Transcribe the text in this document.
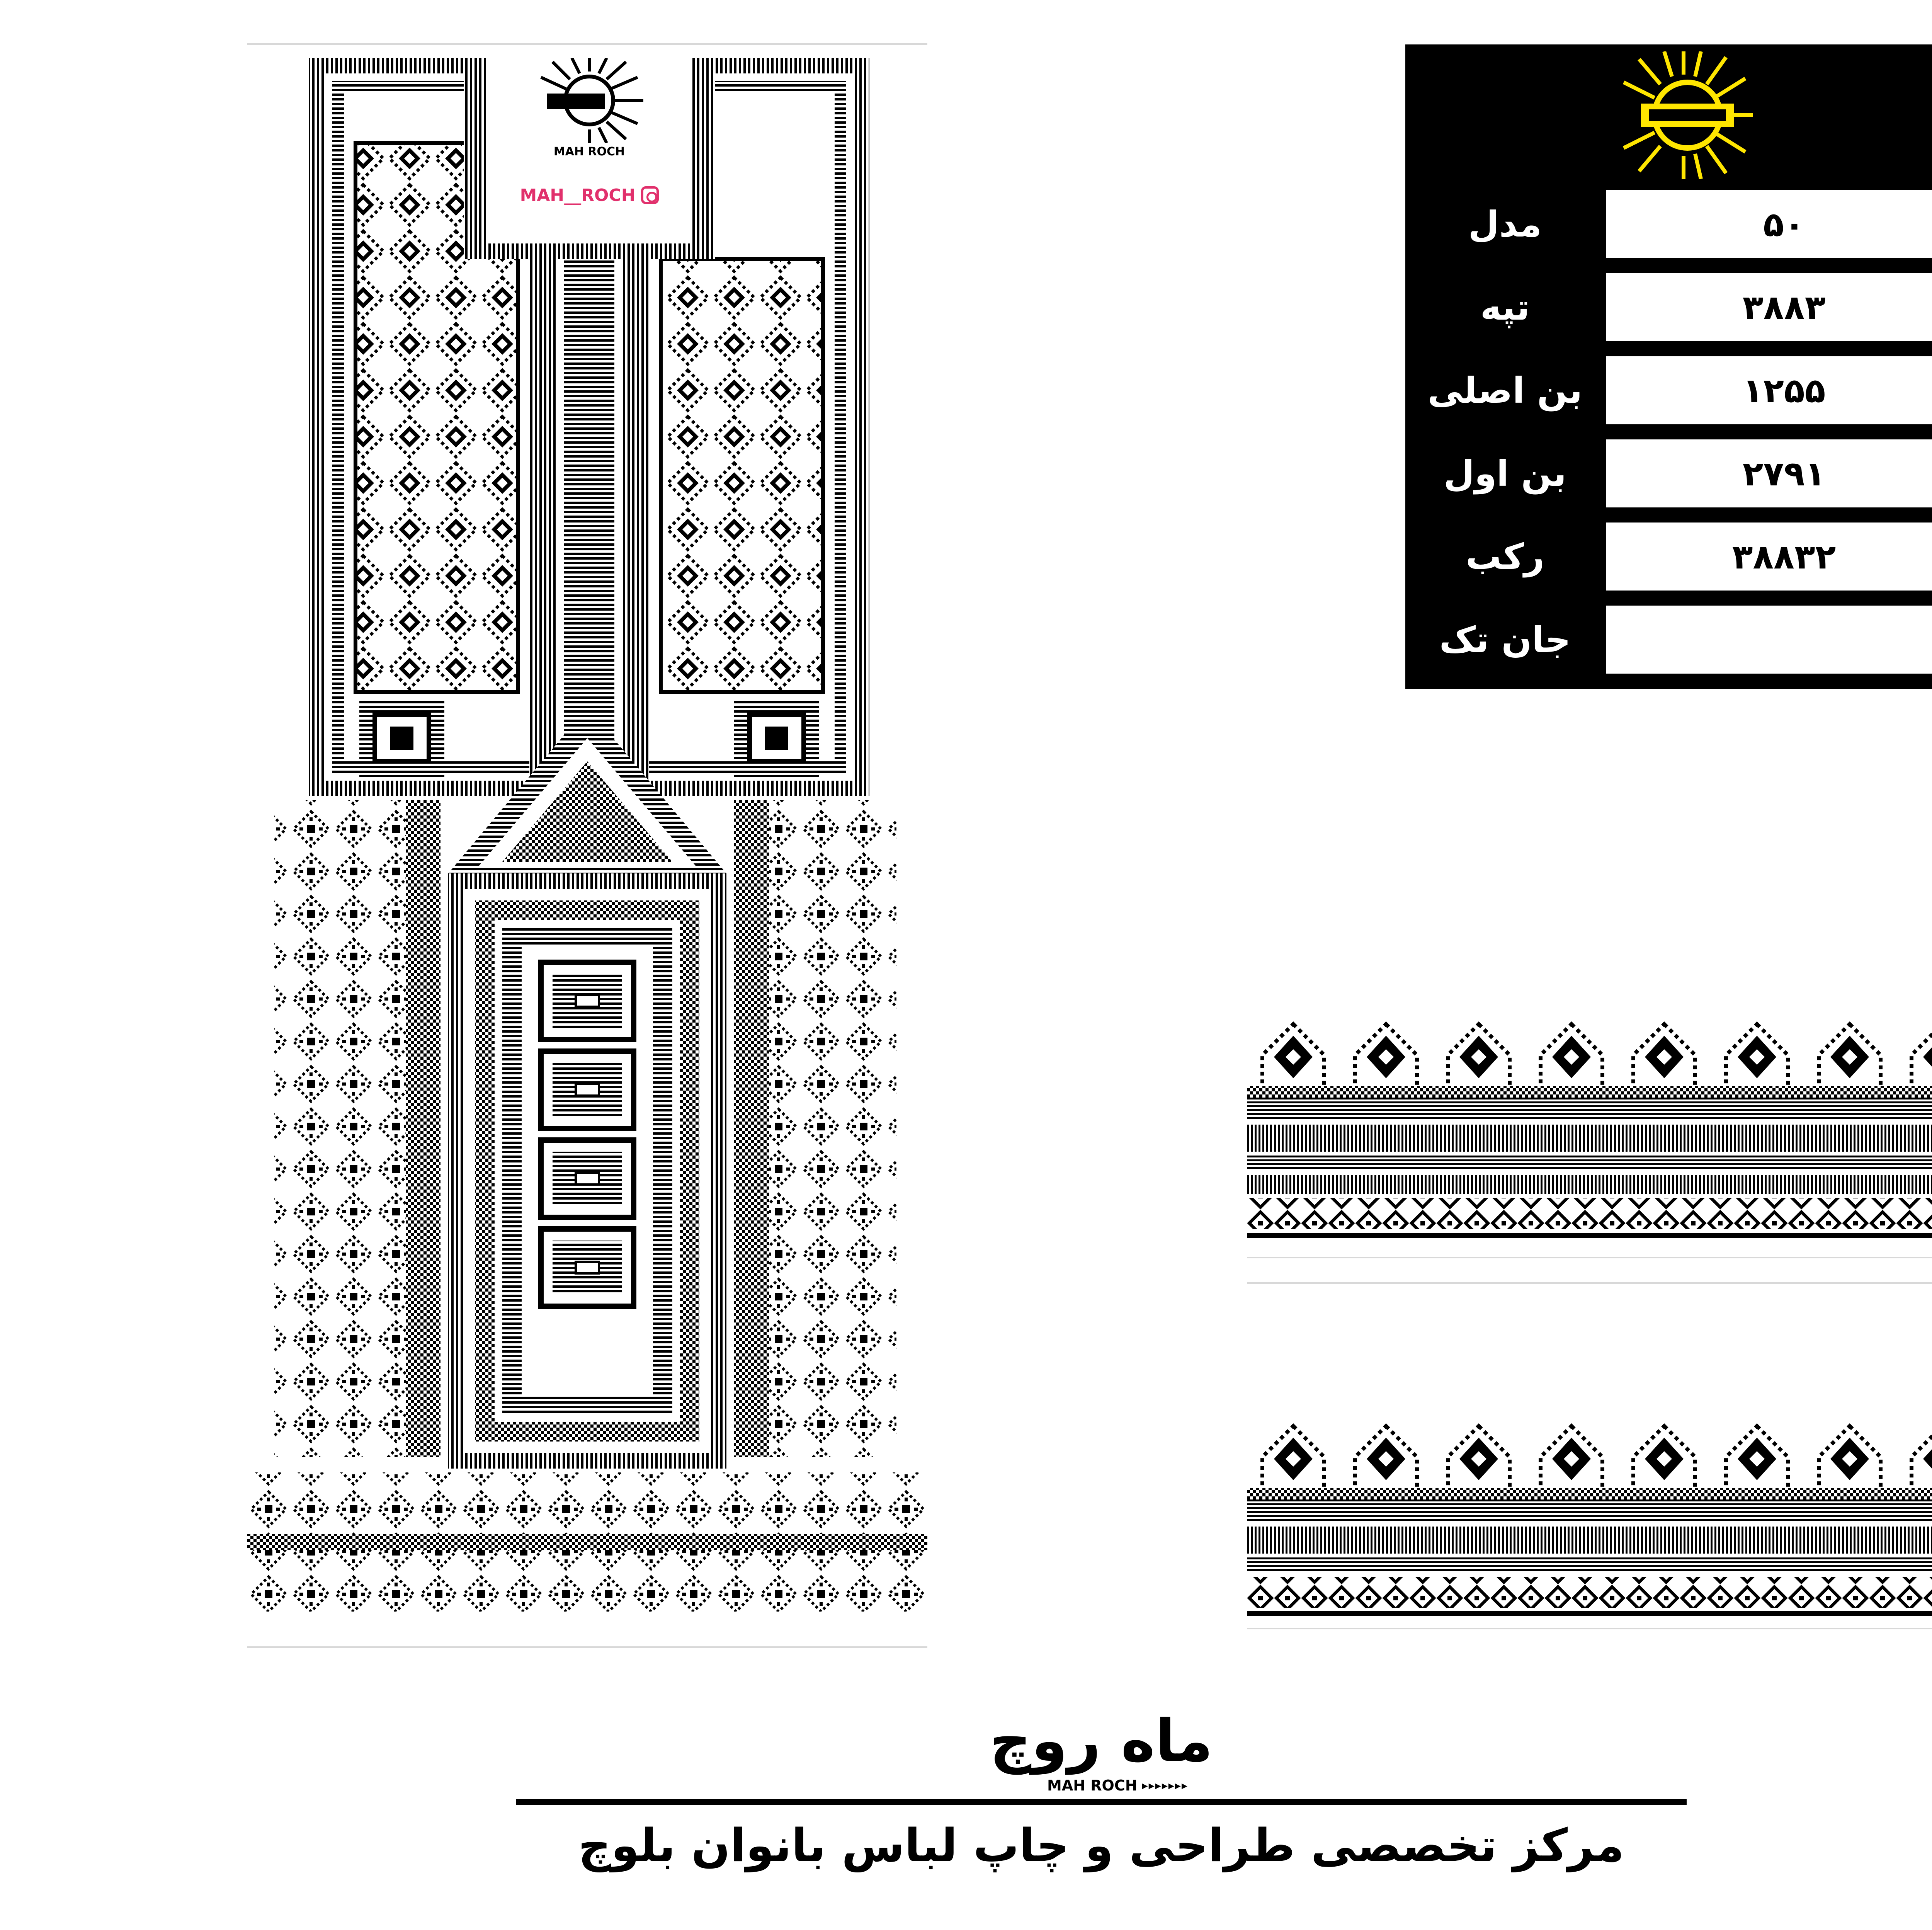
MAH ROCH
MAH__ROCH
مدل	۵۰
تپه	۳۸۸۳
بن اصلی	۱۲۵۵
بن اول	۲۷۹۱
رکب	۳۸۸۳۲
جان تک
ماه روچ
MAH ROCH ▸▸▸▸▸▸▸
مرکز تخصصی طراحی و چاپ لباس بانوان بلوچ
